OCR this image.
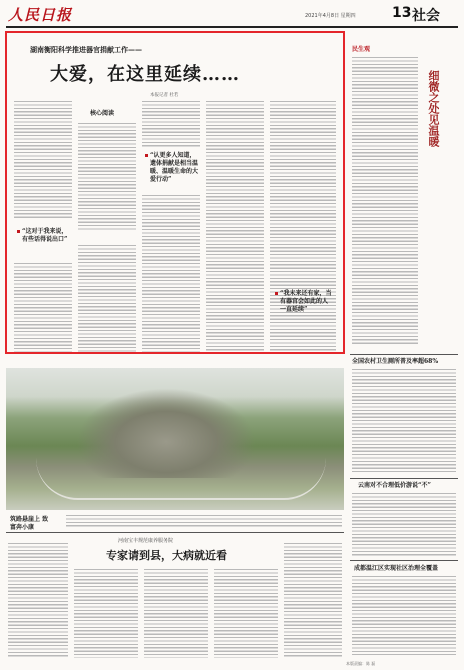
人民日报	2021年4月8日 星期四	13 社会
湖南衡阳科学推进器官捐献工作——
大爱，在这里延续……
本报记者 杜若
核心阅读
“这对于我来说，有些话得说出口”
“认更多人知道，遗体捐献是相当温暖、温暖生命的大爱行动”
“我未来还有家，当有器官会如此的人一直延续”
民生观
细微之处见温暖
全国农村卫生厕所普及率超68%
云南对不合理低价游说“不”
成都温江区实现社区治理全覆盖
筑路悬崖上 致富奔小康
河南宝丰规范康养服务院
专家请到县，大病就近看
本版责编：陈 磊
